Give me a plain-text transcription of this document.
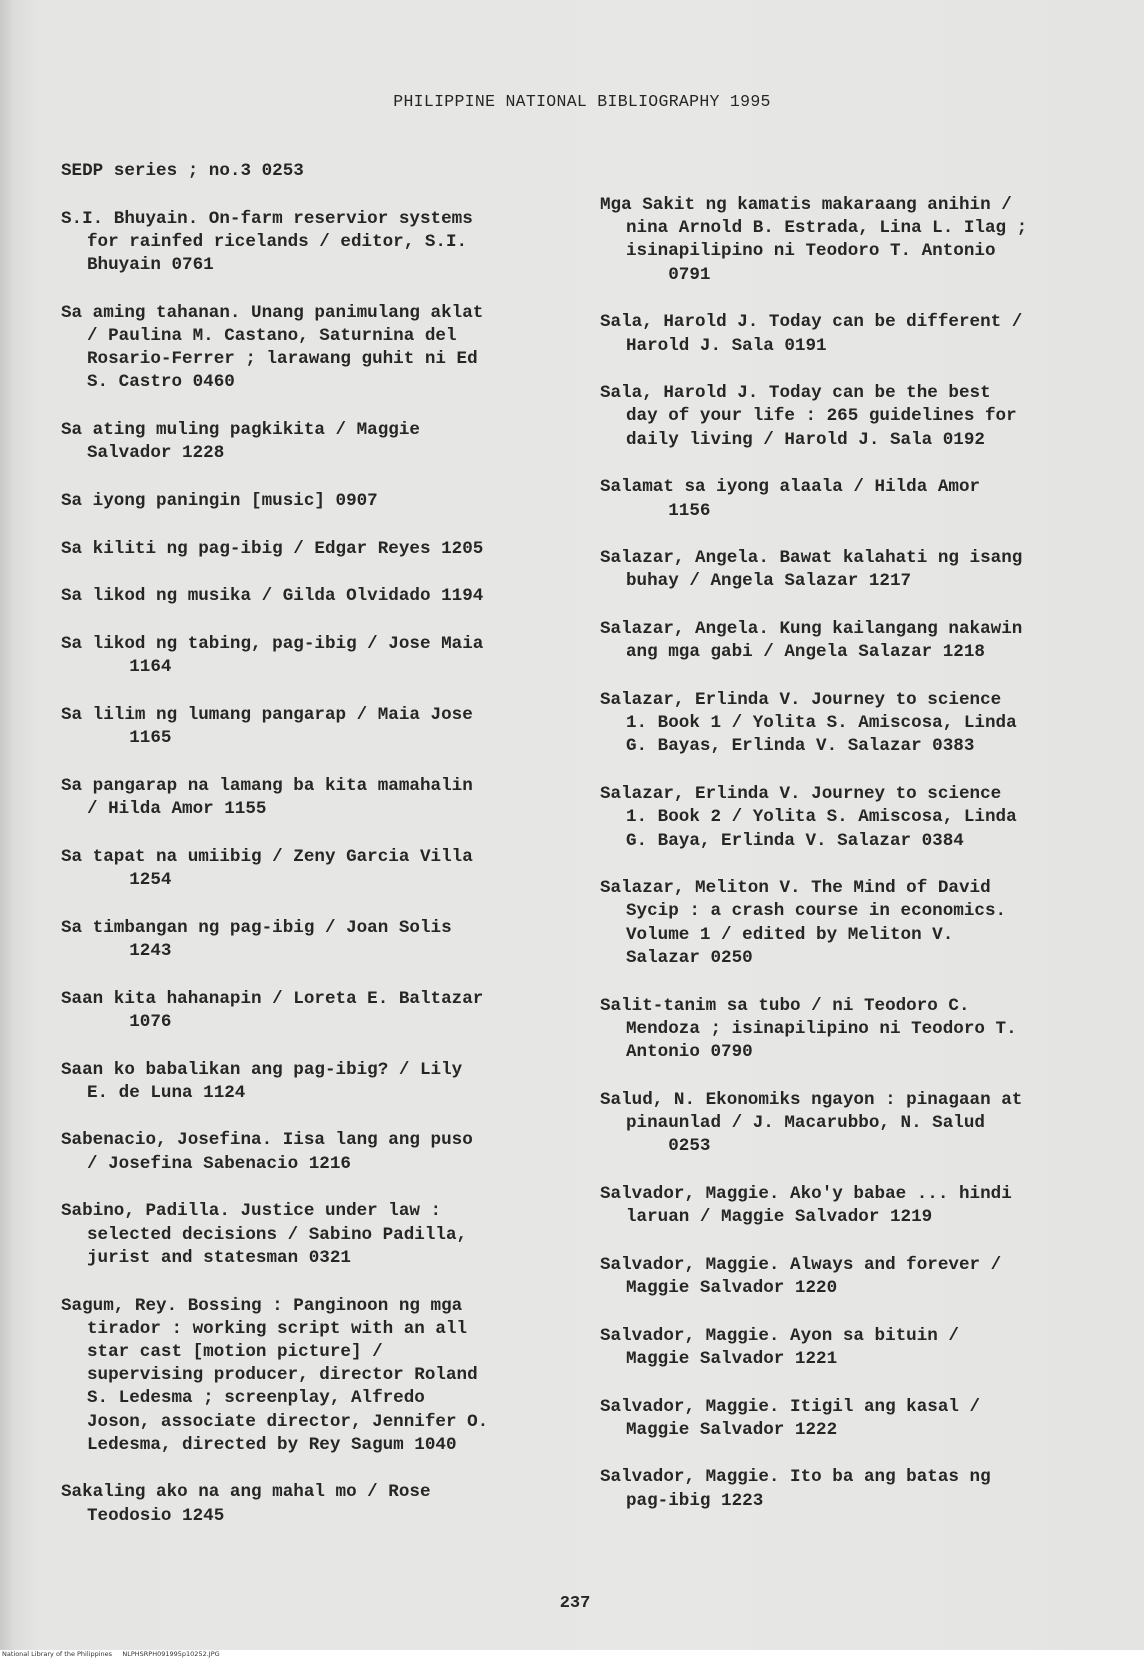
PHILIPPINE NATIONAL BIBLIOGRAPHY 1995

SEDP series ; no.3 0253

S.I. Bhuyain. On-farm reservior systems
for rainfed ricelands / editor, S.I.
Bhuyain 0761

Sa aming tahanan. Unang panimulang aklat
/ Paulina M. Castano, Saturnina del
Rosario-Ferrer ; larawang guhit ni Ed
S. Castro 0460

Sa ating muling pagkikita / Maggie
Salvador 1228

Sa iyong paningin [music] 0907

Sa kiliti ng pag-ibig / Edgar Reyes 1205

Sa likod ng musika / Gilda Olvidado 1194

Sa likod ng tabing, pag-ibig / Jose Maia
1164

Sa lilim ng lumang pangarap / Maia Jose
1165

Sa pangarap na lamang ba kita mamahalin
/ Hilda Amor 1155

Sa tapat na umiibig / Zeny Garcia Villa
1254

Sa timbangan ng pag-ibig / Joan Solis
1243

Saan kita hahanapin / Loreta E. Baltazar
1076

Saan ko babalikan ang pag-ibig? / Lily
E. de Luna 1124

Sabenacio, Josefina. Iisa lang ang puso
/ Josefina Sabenacio 1216

Sabino, Padilla. Justice under law :
selected decisions / Sabino Padilla,
jurist and statesman 0321

Sagum, Rey. Bossing : Panginoon ng mga
tirador : working script with an all
star cast [motion picture] /
supervising producer, director Roland
S. Ledesma ; screenplay, Alfredo
Joson, associate director, Jennifer O.
Ledesma, directed by Rey Sagum 1040

Sakaling ako na ang mahal mo / Rose
Teodosio 1245

Mga Sakit ng kamatis makaraang anihin /
nina Arnold B. Estrada, Lina L. Ilag ;
isinapilipino ni Teodoro T. Antonio
0791

Sala, Harold J. Today can be different /
Harold J. Sala 0191

Sala, Harold J. Today can be the best
day of your life : 265 guidelines for
daily living / Harold J. Sala 0192

Salamat sa iyong alaala / Hilda Amor
1156

Salazar, Angela. Bawat kalahati ng isang
buhay / Angela Salazar 1217

Salazar, Angela. Kung kailangang nakawin
ang mga gabi / Angela Salazar 1218

Salazar, Erlinda V. Journey to science
1. Book 1 / Yolita S. Amiscosa, Linda
G. Bayas, Erlinda V. Salazar 0383

Salazar, Erlinda V. Journey to science
1. Book 2 / Yolita S. Amiscosa, Linda
G. Baya, Erlinda V. Salazar 0384

Salazar, Meliton V. The Mind of David
Sycip : a crash course in economics.
Volume 1 / edited by Meliton V.
Salazar 0250

Salit-tanim sa tubo / ni Teodoro C.
Mendoza ; isinapilipino ni Teodoro T.
Antonio 0790

Salud, N. Ekonomiks ngayon : pinagaan at
pinaunlad / J. Macarubbo, N. Salud
0253

Salvador, Maggie. Ako'y babae ... hindi
laruan / Maggie Salvador 1219

Salvador, Maggie. Always and forever /
Maggie Salvador 1220

Salvador, Maggie. Ayon sa bituin /
Maggie Salvador 1221

Salvador, Maggie. Itigil ang kasal /
Maggie Salvador 1222

Salvador, Maggie. Ito ba ang batas ng
pag-ibig 1223

237
National Library of the Philippines     NLPHSRPH091995p10252.JPG
